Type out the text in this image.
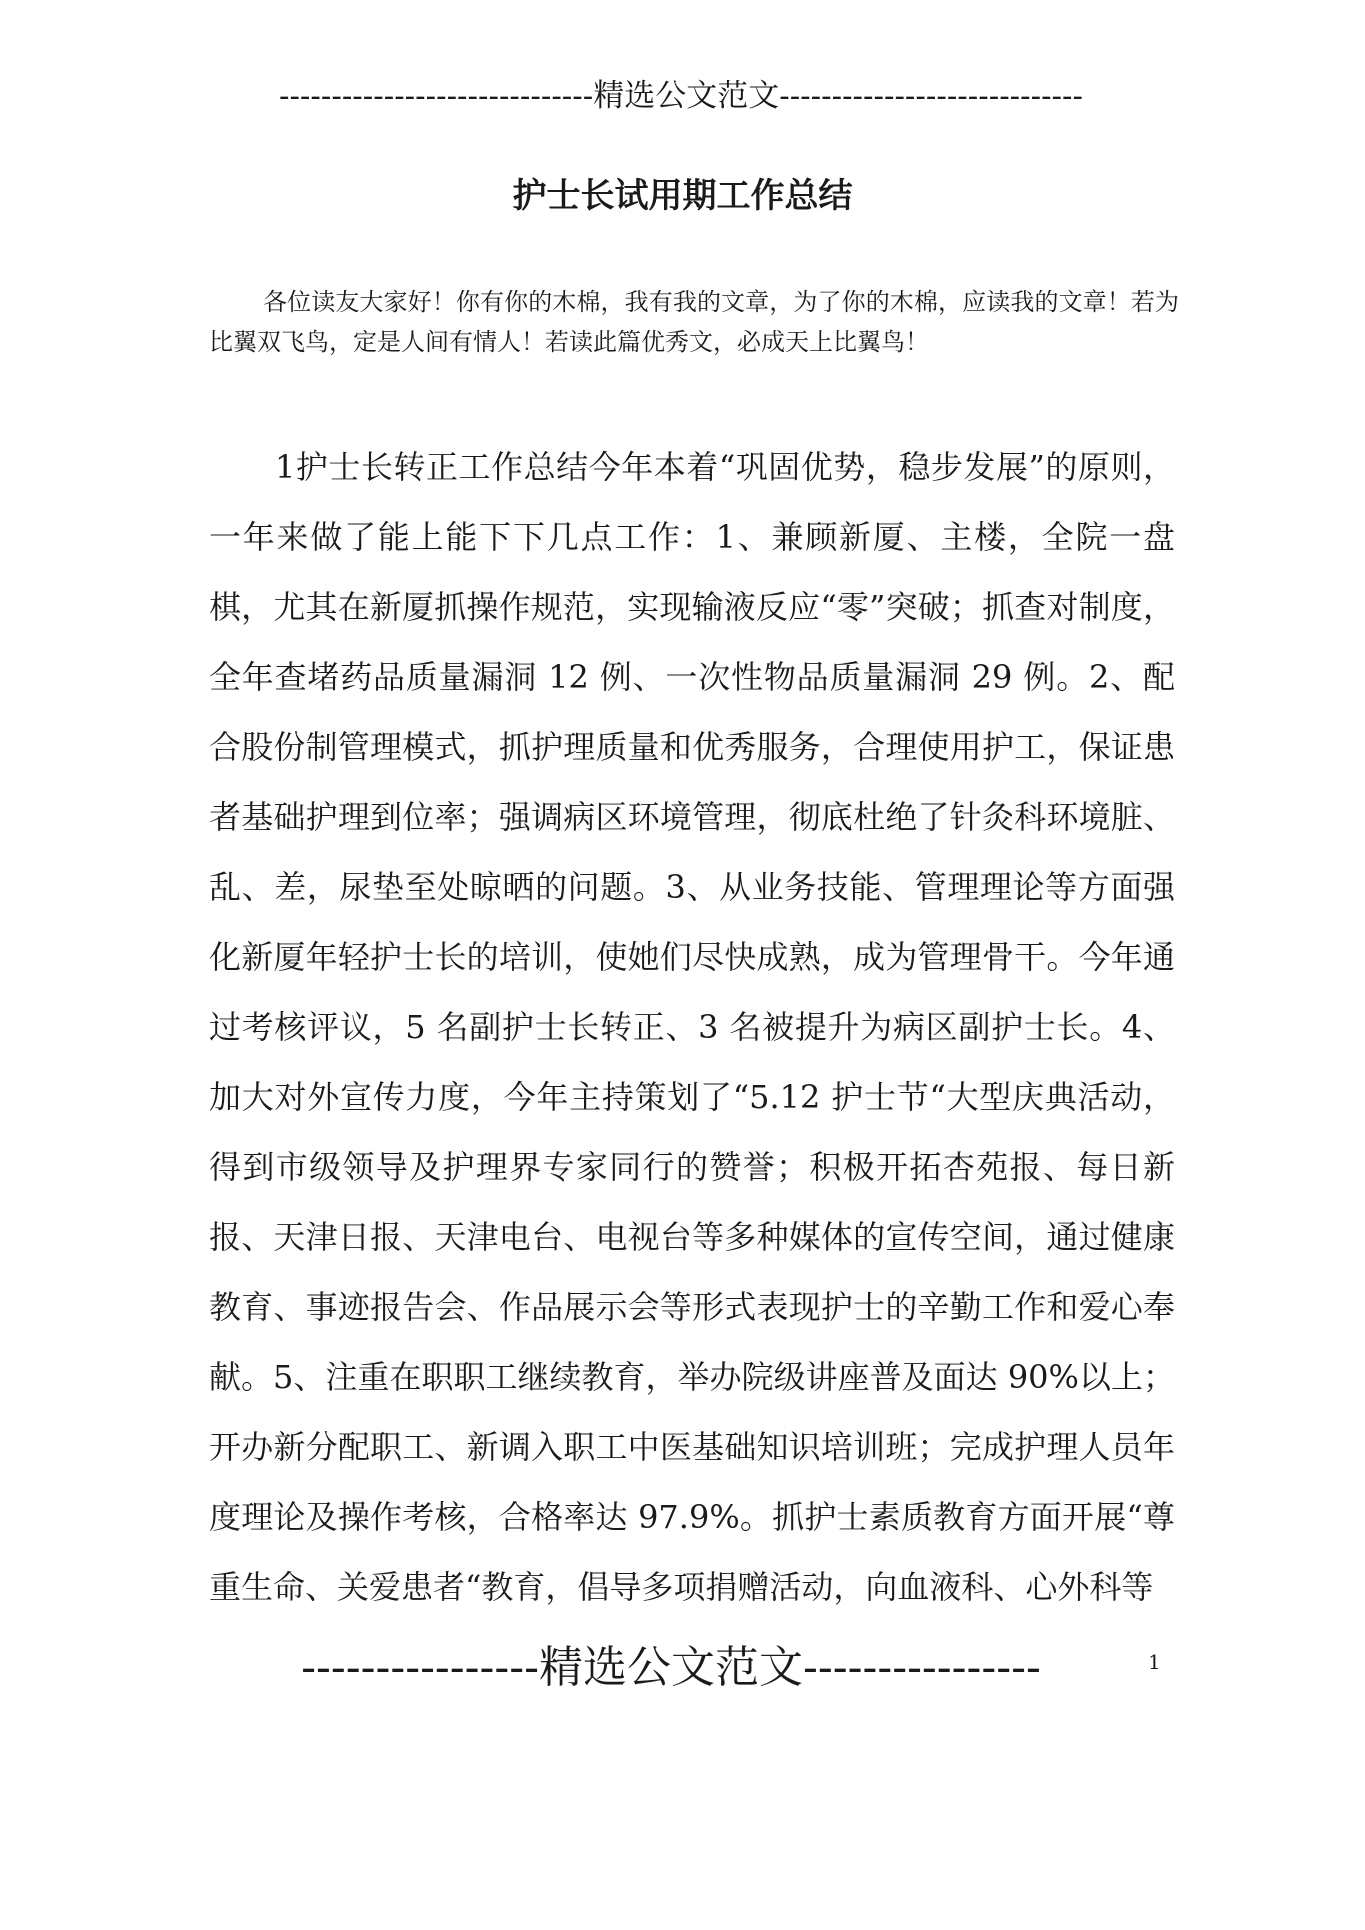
------------------------------精选公文范文-----------------------------
护士长试用期工作总结
各位读友大家好！你有你的木棉，我有我的文章，为了你的木棉，应读我的文章！若为比翼双飞鸟，定是人间有情人！若读此篇优秀文，必成天上比翼鸟！
1护士长转正工作总结今年本着“巩固优势，稳步发展”的原则，一年来做了能上能下下几点工作：1、兼顾新厦、主楼，全院一盘棋，尤其在新厦抓操作规范，实现输液反应“零”突破；抓查对制度，全年查堵药品质量漏洞 12 例、一次性物品质量漏洞 29 例。2、配合股份制管理模式，抓护理质量和优秀服务，合理使用护工，保证患者基础护理到位率；强调病区环境管理，彻底杜绝了针灸科环境脏、乱、差，尿垫至处晾晒的问题。3、从业务技能、管理理论等方面强化新厦年轻护士长的培训，使她们尽快成熟，成为管理骨干。今年通过考核评议，5 名副护士长转正、3 名被提升为病区副护士长。4、加大对外宣传力度，今年主持策划了“5.12 护士节“大型庆典活动，得到市级领导及护理界专家同行的赞誉；积极开拓杏苑报、每日新报、天津日报、天津电台、电视台等多种媒体的宣传空间，通过健康教育、事迹报告会、作品展示会等形式表现护士的辛勤工作和爱心奉献。5、注重在职职工继续教育，举办院级讲座普及面达 90%以上；开办新分配职工、新调入职工中医基础知识培训班；完成护理人员年度理论及操作考核，合格率达 97.9%。抓护士素质教育方面开展“尊重生命、关爱患者“教育，倡导多项捐赠活动，向血液科、心外科等
----------------精选公文范文----------------	1
